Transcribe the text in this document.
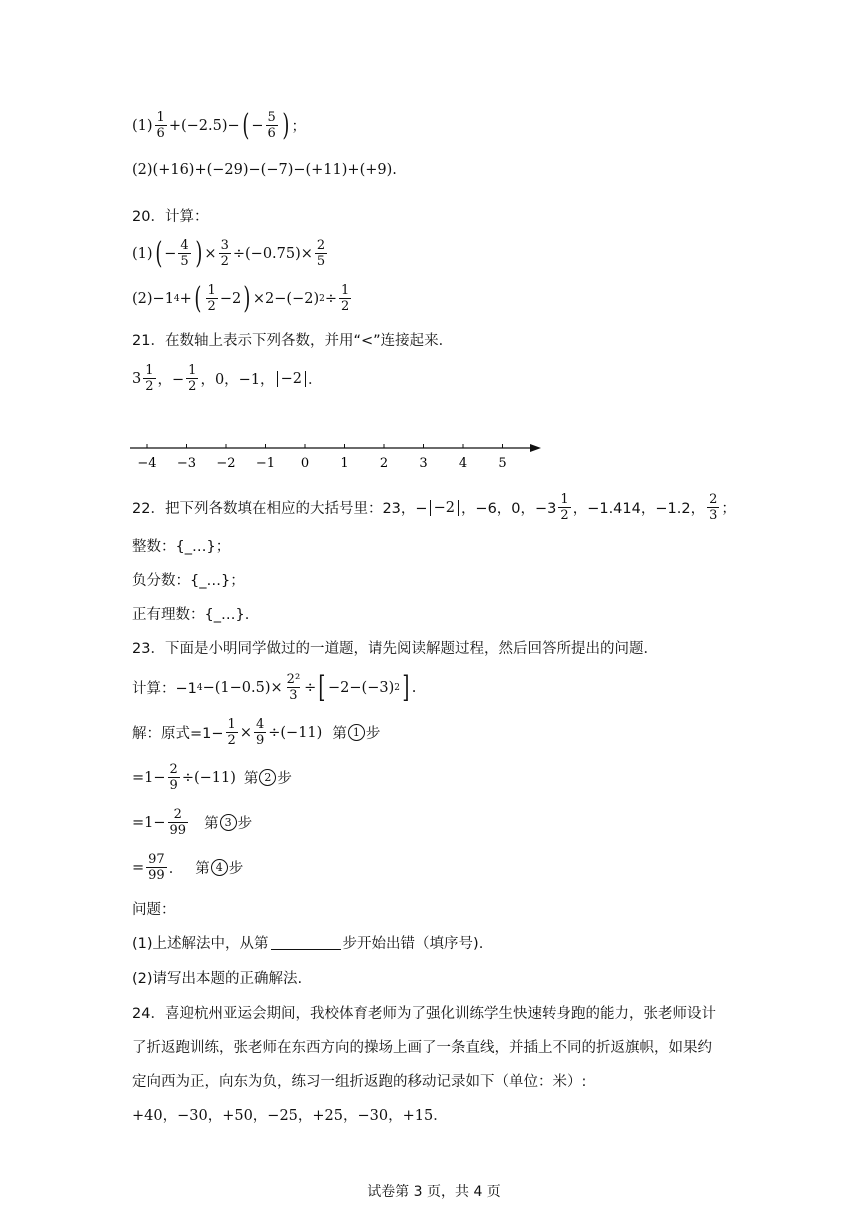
$(1) \frac{1}{6} +(-2.5)-$ ( − $\frac{5}{6}$ ) ；
(2)(+16)+(−29)−(−7)−(+11)+(+9).
20．计算：
(1) ( − $\frac{4}{5}$ ) × $\frac{3}{2} \div(-0.75)\times \frac{2}{5}$
(2) −1 4 + ( $\frac{1}{2} -2$ ) ×2−(−2) $2 \div \frac{1}{2}$
21．在数轴上表示下列各数，并用“<”连接起来．
$3 \frac{1}{2}$ ，− $\frac{1}{2}$ ，0，−1， −2 ．
−4 −3 −2 −1 0 1 2 3 4 5
22．把下列各数填在相应的大括号里：23，− −2 ，−6，0，$-3 \frac{1}{2}$ ，−1.414，−1.2， $\frac{2}{3}$ ；
整数：{_…}；
负分数：{_…}；
正有理数：{_…}.
23．下面是小明同学做过的一道题，请先阅读解题过程，然后回答所提出的问题．
计算：−1 $4 -(1-0.5)\times \frac{\text{2²}}{3}$ ÷ [ −2−(−3) 2 ] .
解：原式$=1- \frac{1}{2} \times \frac{4}{9} \div(-11)$ 第 1 步
$=1- \frac{2}{9} \div(-11)$ 第 2 步
$=1- \frac{2}{99}$ 第 3 步
= $\frac{97}{99}$ ． 第 4 步
问题：
(1)上述解法中，从第	步开始出错（填序号).
(2)请写出本题的正确解法.
24．喜迎杭州亚运会期间，我校体育老师为了强化训练学生快速转身跑的能力，张老师设计
了折返跑训练，张老师在东西方向的操场上画了一条直线，并插上不同的折返旗帜，如果约
定向西为正，向东为负，练习一组折返跑的移动记录如下（单位：米）:
+40，−30，+50，−25，+25，−30，+15．
试卷第 3 页，共 4 页
